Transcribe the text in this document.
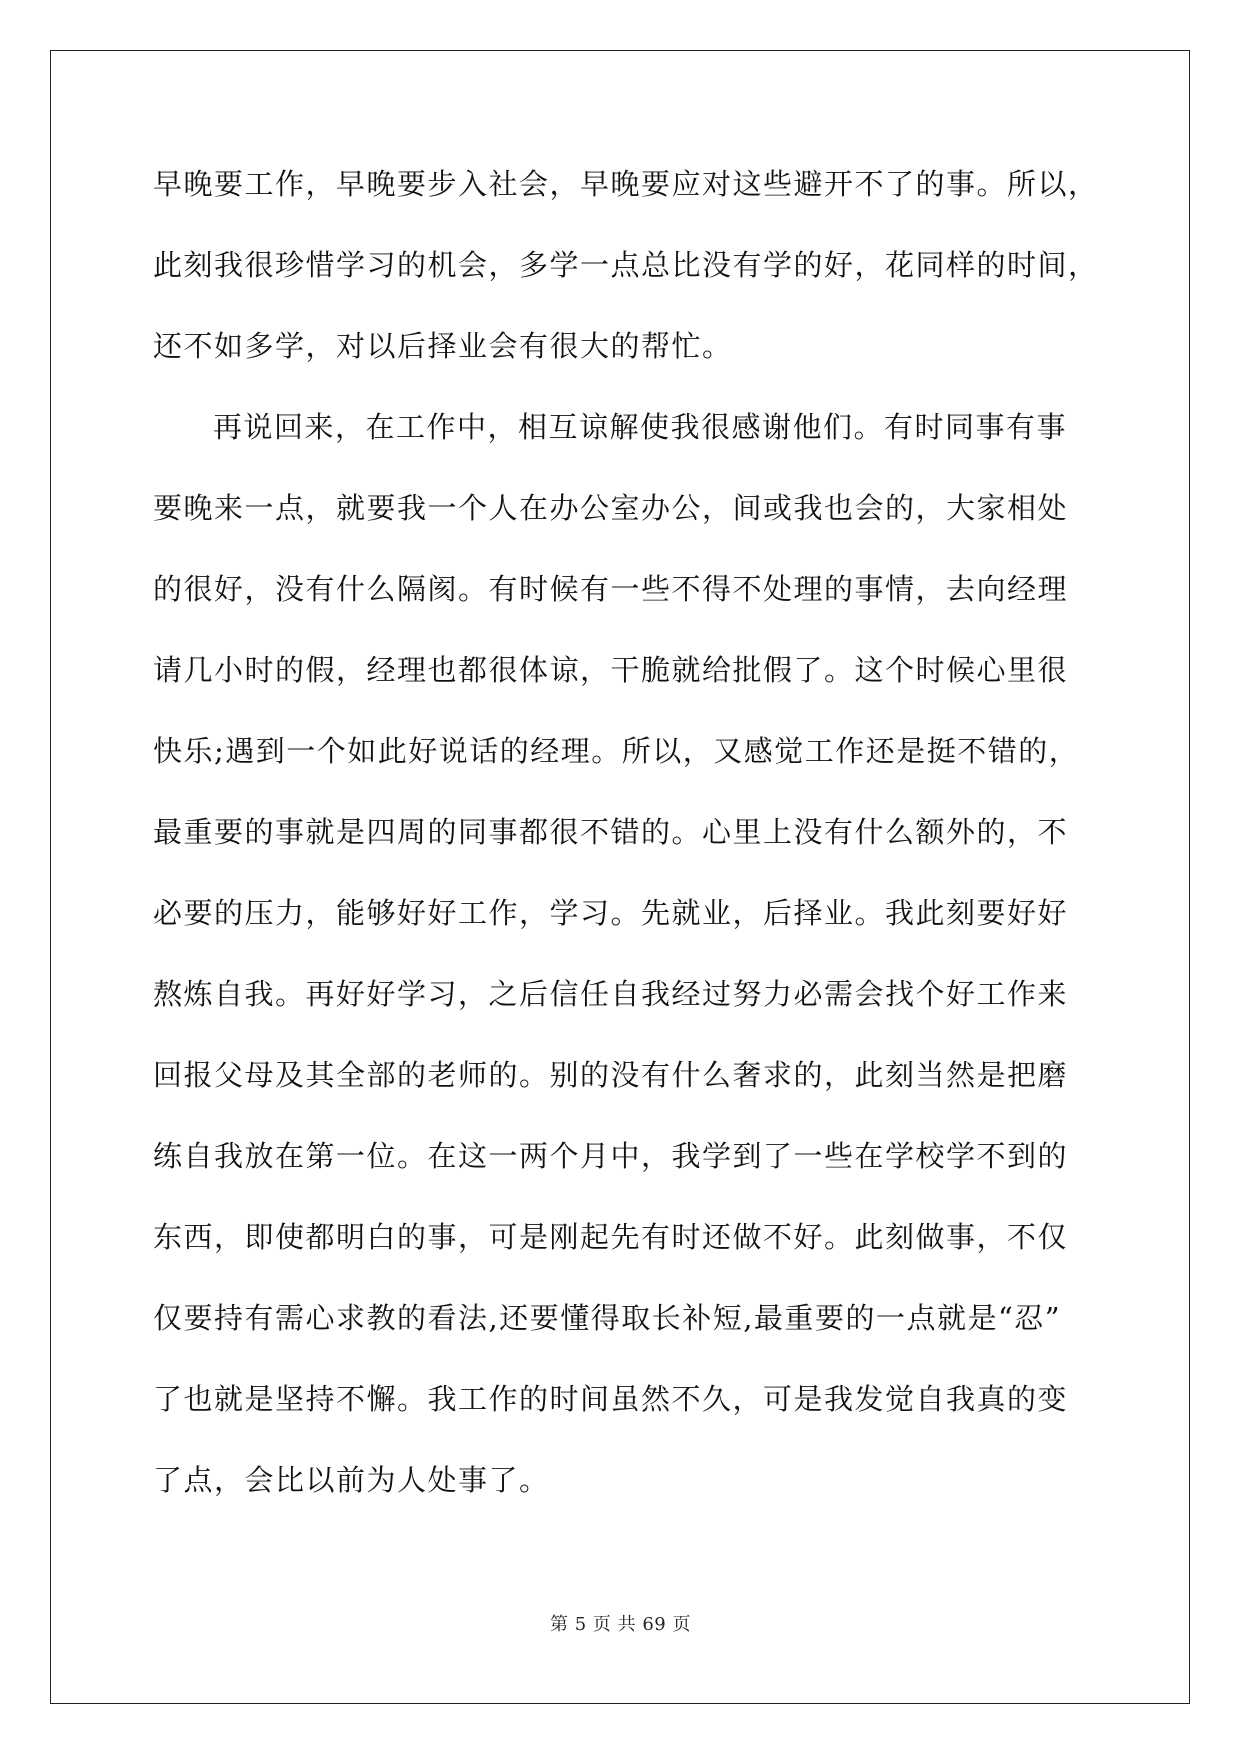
早晚要工作，早晚要步入社会，早晚要应对这些避开不了的事。所以，
此刻我很珍惜学习的机会，多学一点总比没有学的好，花同样的时间，
还不如多学，对以后择业会有很大的帮忙。
再说回来，在工作中，相互谅解使我很感谢他们。有时同事有事
要晚来一点，就要我一个人在办公室办公，间或我也会的，大家相处
的很好，没有什么隔阂。有时候有一些不得不处理的事情，去向经理
请几小时的假，经理也都很体谅，干脆就给批假了。这个时候心里很
快乐;遇到一个如此好说话的经理。所以，又感觉工作还是挺不错的，
最重要的事就是四周的同事都很不错的。心里上没有什么额外的，不
必要的压力，能够好好工作，学习。先就业，后择业。我此刻要好好
熬炼自我。再好好学习，之后信任自我经过努力必需会找个好工作来
回报父母及其全部的老师的。别的没有什么奢求的，此刻当然是把磨
练自我放在第一位。在这一两个月中，我学到了一些在学校学不到的
东西，即使都明白的事，可是刚起先有时还做不好。此刻做事，不仅
仅要持有需心求教的看法,还要懂得取长补短,最重要的一点就是“忍”
了也就是坚持不懈。我工作的时间虽然不久，可是我发觉自我真的变
了点，会比以前为人处事了。
第 5 页 共 69 页
